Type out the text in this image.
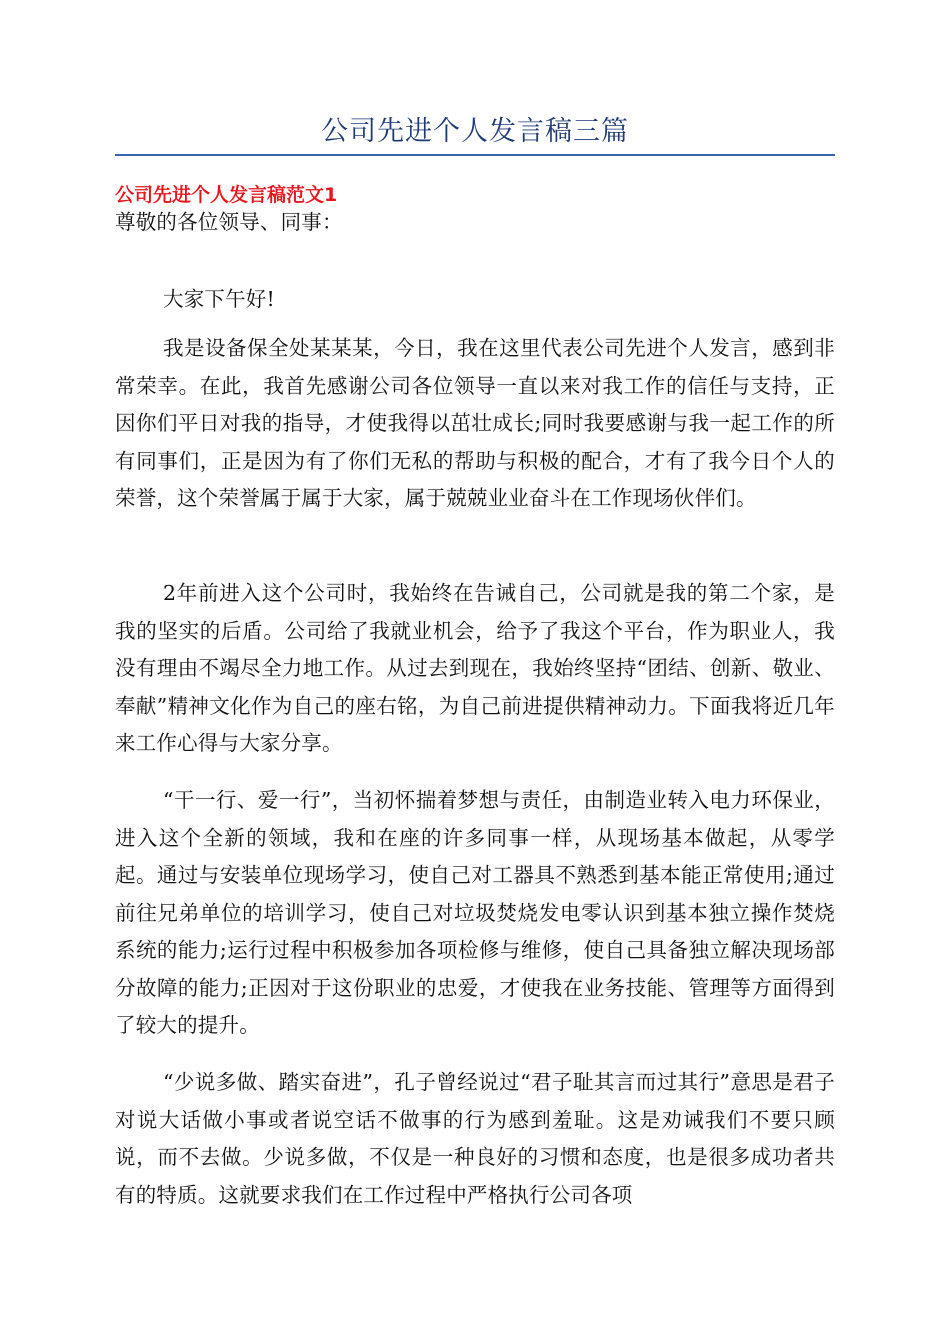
公司先进个人发言稿三篇
公司先进个人发言稿范文1
尊敬的各位领导、同事：
大家下午好!
我是设备保全处某某某，今日，我在这里代表公司先进个人发言，感到非常荣幸。在此，我首先感谢公司各位领导一直以来对我工作的信任与支持，正因你们平日对我的指导，才使我得以茁壮成长;同时我要感谢与我一起工作的所有同事们，正是因为有了你们无私的帮助与积极的配合，才有了我今日个人的荣誉，这个荣誉属于属于大家，属于兢兢业业奋斗在工作现场伙伴们。
2年前进入这个公司时，我始终在告诫自己，公司就是我的第二个家，是我的坚实的后盾。公司给了我就业机会，给予了我这个平台，作为职业人，我没有理由不竭尽全力地工作。从过去到现在，我始终坚持“团结、创新、敬业、奉献”精神文化作为自己的座右铭，为自己前进提供精神动力。下面我将近几年来工作心得与大家分享。
“干一行、爱一行”，当初怀揣着梦想与责任，由制造业转入电力环保业，进入这个全新的领域，我和在座的许多同事一样，从现场基本做起，从零学起。通过与安装单位现场学习，使自己对工器具不熟悉到基本能正常使用;通过前往兄弟单位的培训学习，使自己对垃圾焚烧发电零认识到基本独立操作焚烧系统的能力;运行过程中积极参加各项检修与维修，使自己具备独立解决现场部分故障的能力;正因对于这份职业的忠爱，才使我在业务技能、管理等方面得到了较大的提升。
“少说多做、踏实奋进”，孔子曾经说过“君子耻其言而过其行”意思是君子对说大话做小事或者说空话不做事的行为感到羞耻。这是劝诫我们不要只顾说，而不去做。少说多做，不仅是一种良好的习惯和态度，也是很多成功者共有的特质。这就要求我们在工作过程中严格执行公司各项
